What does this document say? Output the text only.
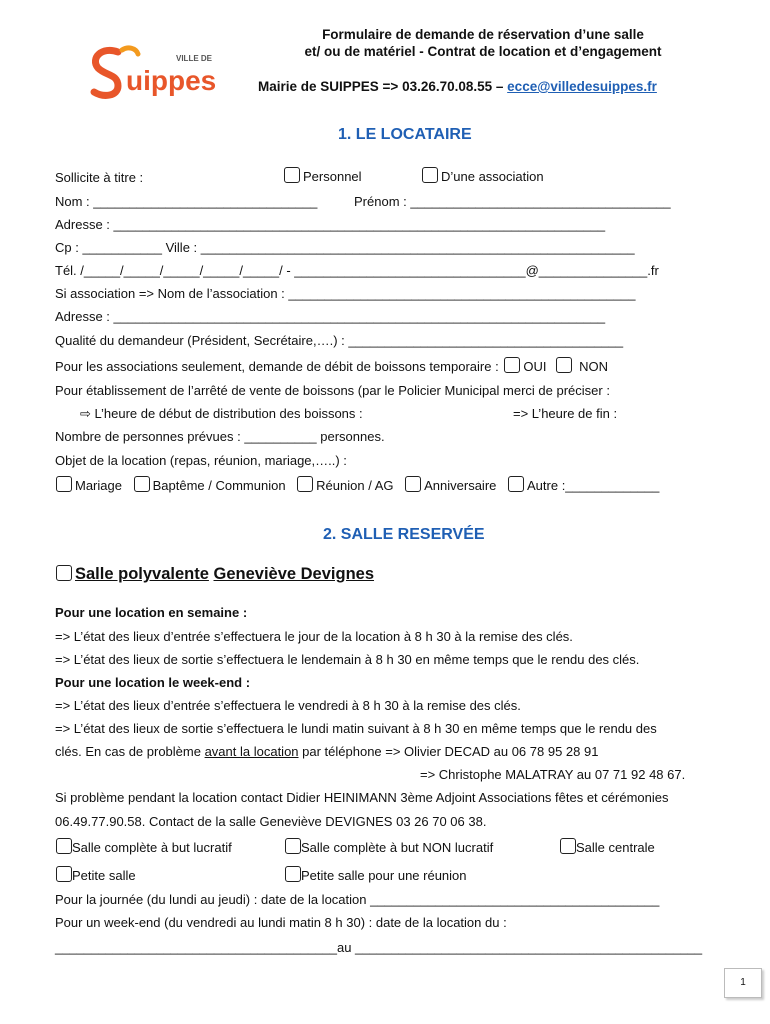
VILLE DE
uippes
Formulaire de demande de réservation d’une salle
et/ ou de matériel - Contrat de location et d’engagement
Mairie de SUIPPES => 03.26.70.08.55 – ecce@villedesuippes.fr
1. LE LOCATAIRE
Sollicite à titre :	Personnel	D’une association
Nom : _______________________________	Prénom : ____________________________________
Adresse : ____________________________________________________________________
Cp : ___________ Ville : ____________________________________________________________
Tél. /_____/_____/_____/_____/_____/ - ________________________________@_______________.fr
Si association => Nom de l’association : ________________________________________________
Adresse : ____________________________________________________________________
Qualité du demandeur (Président, Secrétaire,….) : ______________________________________
Pour les associations seulement, demande de débit de boissons temporaire : OUI	NON
Pour établissement de l’arrêté de vente de boissons (par le Policier Municipal merci de préciser :
⇨ L’heure de début de distribution des boissons :	=> L’heure de fin :
Nombre de personnes prévues : __________ personnes.
Objet de la location (repas, réunion, mariage,…..) :
Mariage Baptême / Communion Réunion / AG Anniversaire Autre :_____________
2. SALLE RESERVÉE
Salle polyvalente Geneviève Devignes
Pour une location en semaine :
=> L’état des lieux d’entrée s’effectuera le jour de la location à 8 h 30 à la remise des clés.
=> L’état des lieux de sortie s’effectuera le lendemain à 8 h 30 en même temps que le rendu des clés.
Pour une location le week-end :
=> L’état des lieux d’entrée s’effectuera le vendredi à 8 h 30 à la remise des clés.
=> L’état des lieux de sortie s’effectuera le lundi matin suivant à 8 h 30 en même temps que le rendu des
clés. En cas de problème avant la location par téléphone => Olivier DECAD au 06 78 95 28 91
=> Christophe MALATRAY au 07 71 92 48 67.
Si problème pendant la location contact Didier HEINIMANN 3ème Adjoint Associations fêtes et cérémonies
06.49.77.90.58. Contact de la salle Geneviève DEVIGNES 03 26 70 06 38.
Salle complète à but lucratif	Salle complète à but NON lucratif	Salle centrale
Petite salle	Petite salle pour une réunion
Pour la journée (du lundi au jeudi) : date de la location ________________________________________
Pour un week-end (du vendredi au lundi matin 8 h 30) : date de la location du :
_______________________________________au ________________________________________________
1
